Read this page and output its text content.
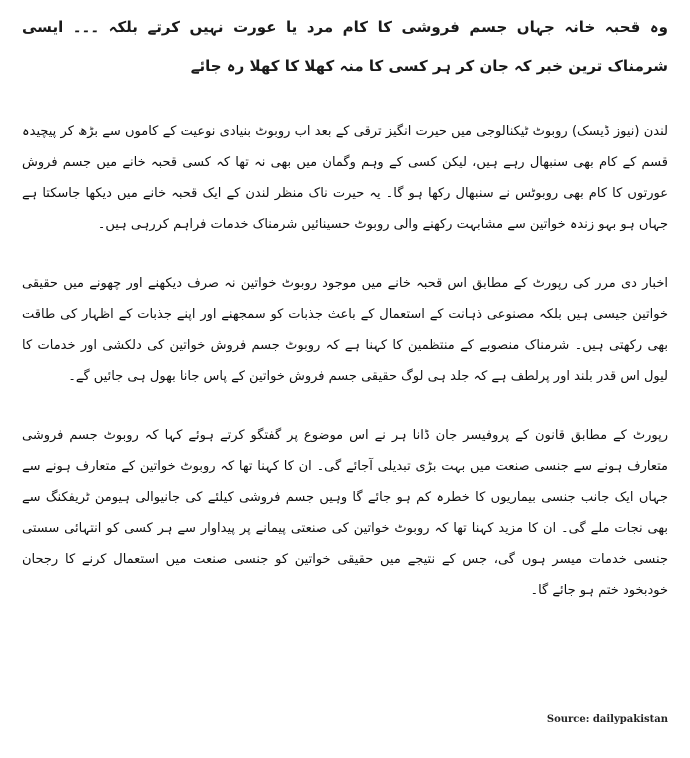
وہ قحبہ خانہ جہاں جسم فروشی کا کام مرد یا عورت نہیں کرتے بلکہ ۔۔۔ ایسی شرمناک ترین خبر کہ جان کر ہر کسی کا منہ کھلا کا کھلا رہ جائے

لندن (نیوز ڈیسک) روبوٹ ٹیکنالوجی میں حیرت انگیز ترقی کے بعد اب روبوٹ بنیادی نوعیت کے کاموں سے بڑھ کر پیچیدہ قسم کے کام بھی سنبھال رہے ہیں، لیکن کسی کے وہم وگمان میں بھی نہ تھا کہ کسی قحبہ خانے میں جسم فروش عورتوں کا کام بھی روبوٹس نے سنبھال رکھا ہو گا۔ یہ حیرت ناک منظر لندن کے ایک قحبہ خانے میں دیکھا جاسکتا ہے جہاں ہو بہو زندہ خواتین سے مشابہت رکھنے والی روبوٹ حسینائیں شرمناک خدمات فراہم کررہی ہیں۔

اخبار دی مرر کی رپورٹ کے مطابق اس قحبہ خانے میں موجود روبوٹ خواتین نہ صرف دیکھنے اور چھونے میں حقیقی خواتین جیسی ہیں بلکہ مصنوعی ذہانت کے استعمال کے باعث جذبات کو سمجھنے اور اپنے جذبات کے اظہار کی طاقت بھی رکھتی ہیں۔ شرمناک منصوبے کے منتظمین کا کہنا ہے کہ روبوٹ جسم فروش خواتین کی دلکشی اور خدمات کا لیول اس قدر بلند اور پرلطف ہے کہ جلد ہی لوگ حقیقی جسم فروش خواتین کے پاس جانا بھول ہی جائیں گے۔

رپورٹ کے مطابق قانون کے پروفیسر جان ڈانا ہر نے اس موضوع پر گفتگو کرتے ہوئے کہا کہ روبوٹ جسم فروشی متعارف ہونے سے جنسی صنعت میں بہت بڑی تبدیلی آجائے گی۔ ان کا کہنا تھا کہ روبوٹ خواتین کے متعارف ہونے سے جہاں ایک جانب جنسی بیماریوں کا خطرہ کم ہو جائے گا وہیں جسم فروشی کیلئے کی جانیوالی ہیومن ٹریفکنگ سے بھی نجات ملے گی۔ ان کا مزید کہنا تھا کہ روبوٹ خواتین کی صنعتی پیمانے پر پیداوار سے ہر کسی کو انتہائی سستی جنسی خدمات میسر ہوں گی، جس کے نتیجے میں حقیقی خواتین کو جنسی صنعت میں استعمال کرنے کا رجحان خودبخود ختم ہو جائے گا۔

Source: dailypakistan
